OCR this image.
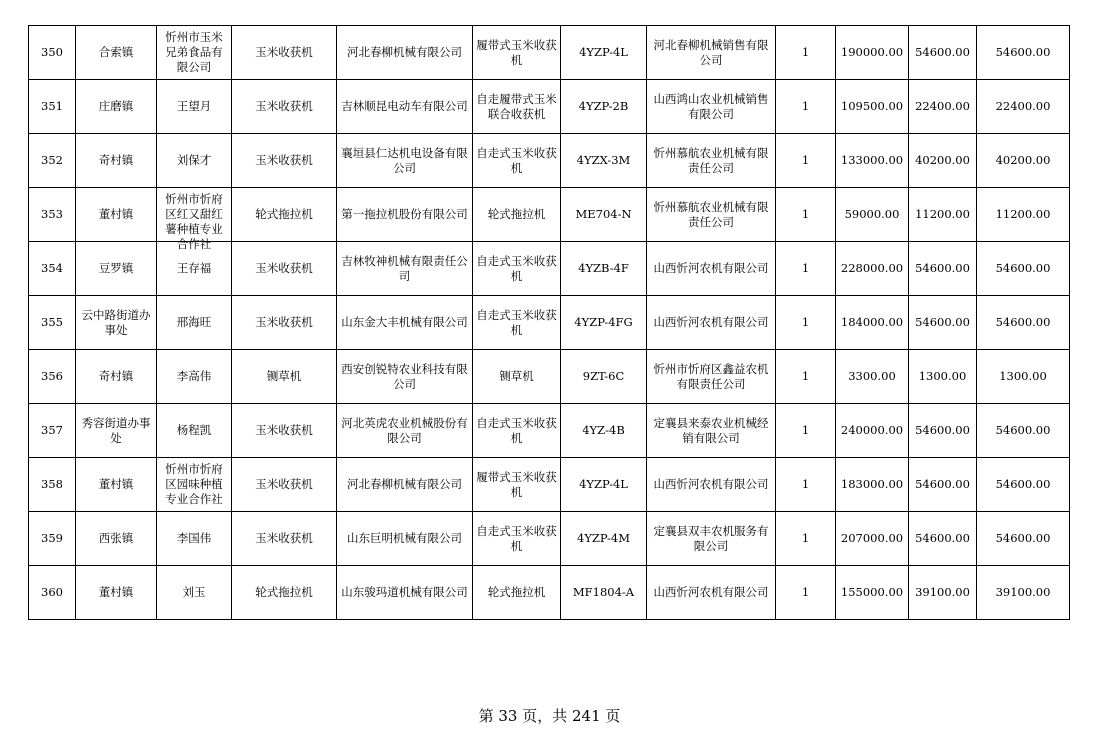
350	合索镇	忻州市玉米兄弟食品有限公司	玉米收获机	河北春柳机械有限公司	履带式玉米收获机	4YZP-4L	河北春柳机械销售有限公司	1	190000.00	54600.00	54600.00

351	庄磨镇	王望月	玉米收获机	吉林顺昆电动车有限公司	自走履带式玉米联合收获机	4YZP-2B	山西鸿山农业机械销售有限公司	1	109500.00	22400.00	22400.00

352	奇村镇	刘保才	玉米收获机	襄垣县仁达机电设备有限公司	自走式玉米收获机	4YZX-3M	忻州慕航农业机械有限责任公司	1	133000.00	40200.00	40200.00

353	董村镇	忻州市忻府区红又甜红薯种植专业合作社	轮式拖拉机	第一拖拉机股份有限公司	轮式拖拉机	ME704-N	忻州慕航农业机械有限责任公司	1	59000.00	11200.00	11200.00

354	豆罗镇	王存福	玉米收获机	吉林牧神机械有限责任公司	自走式玉米收获机	4YZB-4F	山西忻河农机有限公司	1	228000.00	54600.00	54600.00

355	云中路街道办事处	邢海旺	玉米收获机	山东金大丰机械有限公司	自走式玉米收获机	4YZP-4FG	山西忻河农机有限公司	1	184000.00	54600.00	54600.00

356	奇村镇	李高伟	铡草机	西安创锐特农业科技有限公司	铡草机	9ZT-6C	忻州市忻府区鑫益农机有限责任公司	1	3300.00	1300.00	1300.00

357	秀容街道办事处	杨程凯	玉米收获机	河北英虎农业机械股份有限公司	自走式玉米收获机	4YZ-4B	定襄县来泰农业机械经销有限公司	1	240000.00	54600.00	54600.00

358	董村镇	忻州市忻府区园味种植专业合作社	玉米收获机	河北春柳机械有限公司	履带式玉米收获机	4YZP-4L	山西忻河农机有限公司	1	183000.00	54600.00	54600.00

359	西张镇	李国伟	玉米收获机	山东巨明机械有限公司	自走式玉米收获机	4YZP-4M	定襄县双丰农机服务有限公司	1	207000.00	54600.00	54600.00

360	董村镇	刘玉	轮式拖拉机	山东骏玛道机械有限公司	轮式拖拉机	MF1804-A	山西忻河农机有限公司	1	155000.00	39100.00	39100.00
第 33 页，共 241 页
